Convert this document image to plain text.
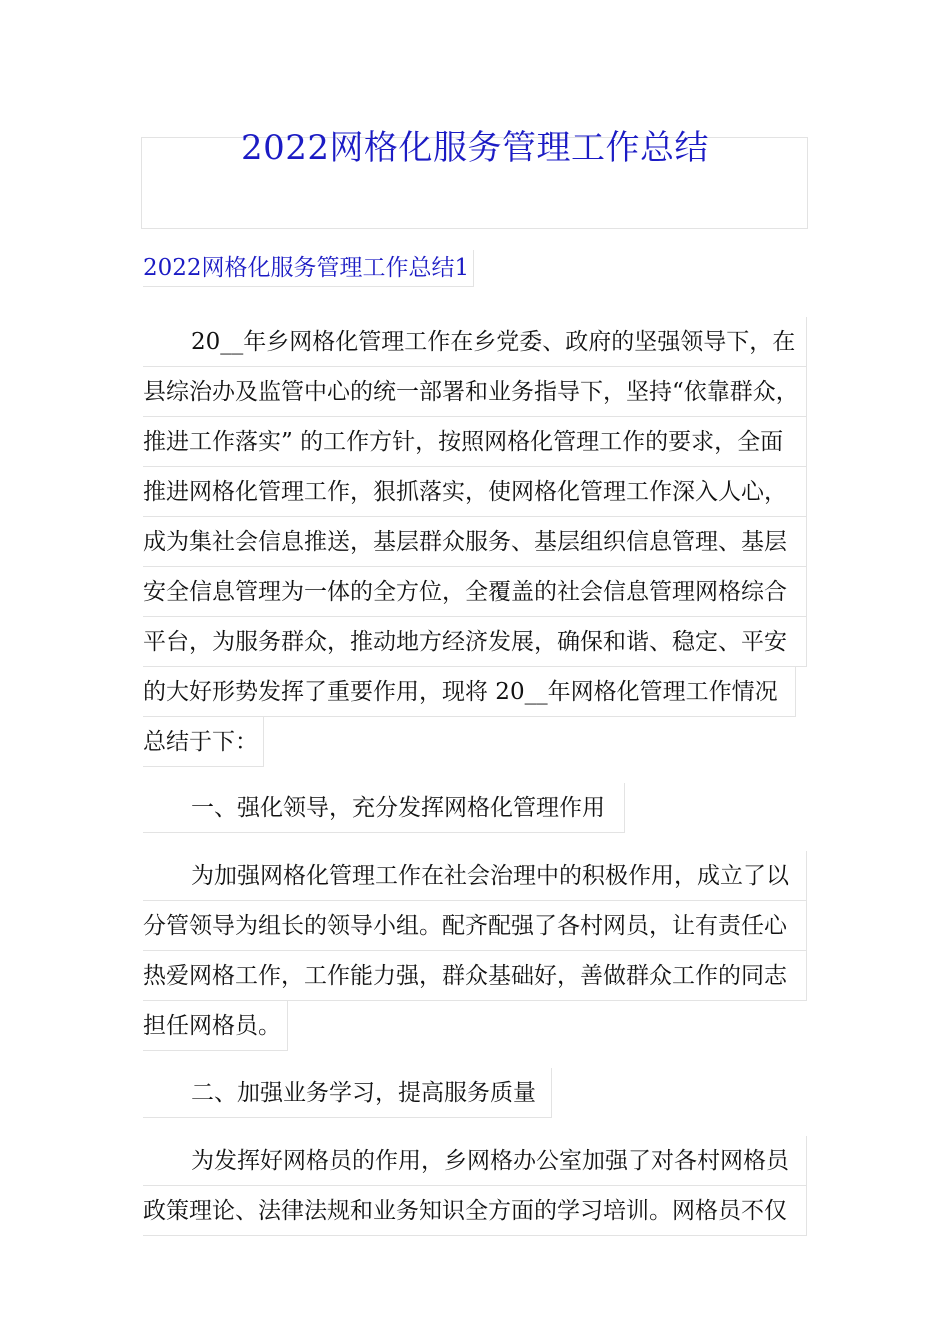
2022网格化服务管理工作总结
2022网格化服务管理工作总结1
20__年乡网格化管理工作在乡党委、政府的坚强领导下，在
县综治办及监管中心的统一部署和业务指导下，坚持“依靠群众，
推进工作落实” 的工作方针，按照网格化管理工作的要求，全面
推进网格化管理工作，狠抓落实，使网格化管理工作深入人心，
成为集社会信息推送，基层群众服务、基层组织信息管理、基层
安全信息管理为一体的全方位，全覆盖的社会信息管理网格综合
平台，为服务群众，推动地方经济发展，确保和谐、稳定、平安
的大好形势发挥了重要作用，现将 20__年网格化管理工作情况
总结于下：
一、强化领导，充分发挥网格化管理作用
为加强网格化管理工作在社会治理中的积极作用，成立了以
分管领导为组长的领导小组。配齐配强了各村网员，让有责任心
热爱网格工作，工作能力强，群众基础好，善做群众工作的同志
担任网格员。
二、加强业务学习，提高服务质量
为发挥好网格员的作用，乡网格办公室加强了对各村网格员
政策理论、法律法规和业务知识全方面的学习培训。网格员不仅
